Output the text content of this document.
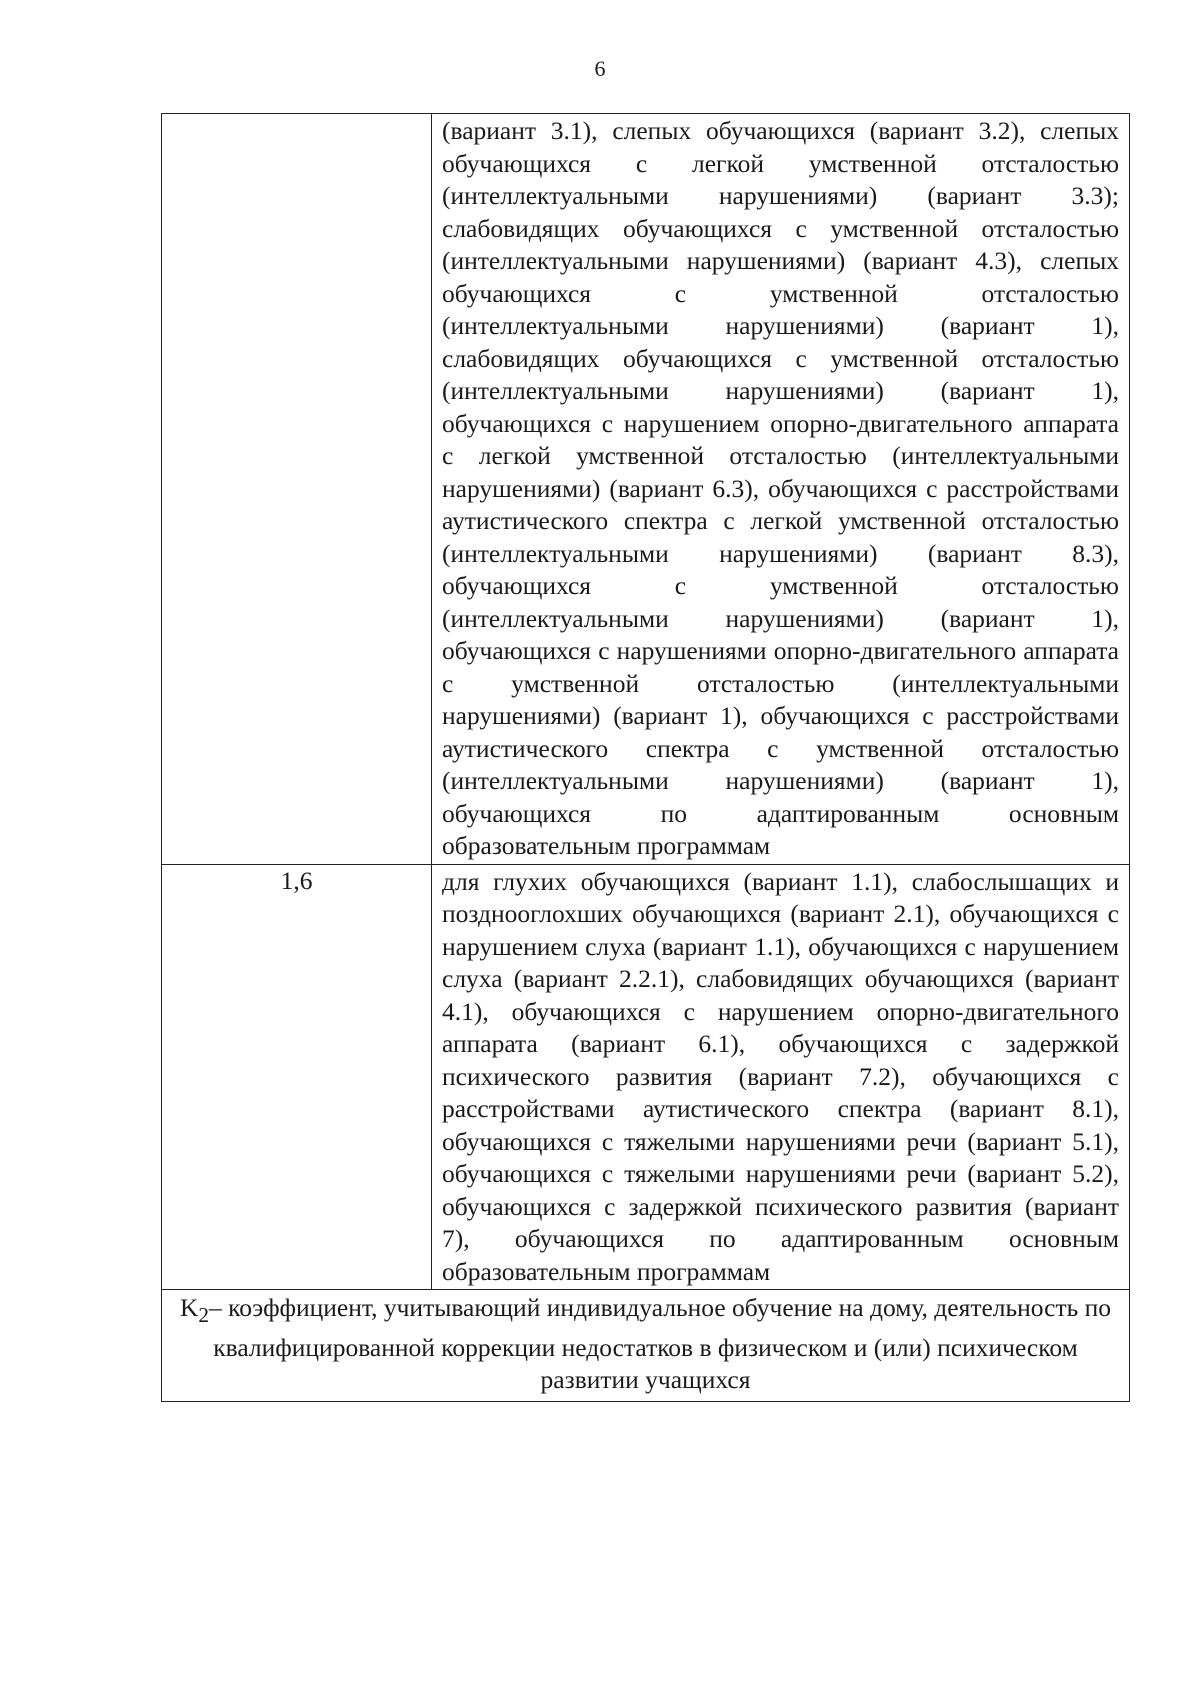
6
	(вариант 3.1), слепых обучающихся (вариант 3.2), слепых обучающихся с легкой умственной отсталостью (интеллектуальными нарушениями) (вариант 3.3); слабовидящих обучающихся с умственной отсталостью (интеллектуальными нарушениями) (вариант 4.3), слепых обучающихся с умственной отсталостью (интеллектуальными нарушениями) (вариант 1), слабовидящих обучающихся с умственной отсталостью (интеллектуальными нарушениями) (вариант 1), обучающихся с нарушением опорно-двигательного аппарата с легкой умственной отсталостью (интеллектуальными нарушениями) (вариант 6.3), обучающихся с расстройствами аутистического спектра с легкой умственной отсталостью (интеллектуальными нарушениями) (вариант 8.3), обучающихся с умственной отсталостью (интеллектуальными нарушениями) (вариант 1), обучающихся с нарушениями опорно-двигательного аппарата с умственной отсталостью (интеллектуальными нарушениями) (вариант 1), обучающихся с расстройствами аутистического спектра с умственной отсталостью (интеллектуальными нарушениями) (вариант 1), обучающихся по адаптированным основным образовательным программам

1,6	для глухих обучающихся (вариант 1.1), слабослышащих и позднооглохших обучающихся (вариант 2.1), обучающихся с нарушением слуха (вариант 1.1), обучающихся с нарушением слуха (вариант 2.2.1), слабовидящих обучающихся (вариант 4.1), обучающихся с нарушением опорно-двигательного аппарата (вариант 6.1), обучающихся с задержкой психического развития (вариант 7.2), обучающихся с расстройствами аутистического спектра (вариант 8.1), обучающихся с тяжелыми нарушениями речи (вариант 5.1), обучающихся с тяжелыми нарушениями речи (вариант 5.2), обучающихся с задержкой психического развития (вариант 7), обучающихся по адаптированным основным образовательным программам
$K_2-$ коэффициент, учитывающий индивидуальное обучение на дому, деятельность по квалифицированной коррекции недостатков в физическом и (или) психическом развитии учащихся	
